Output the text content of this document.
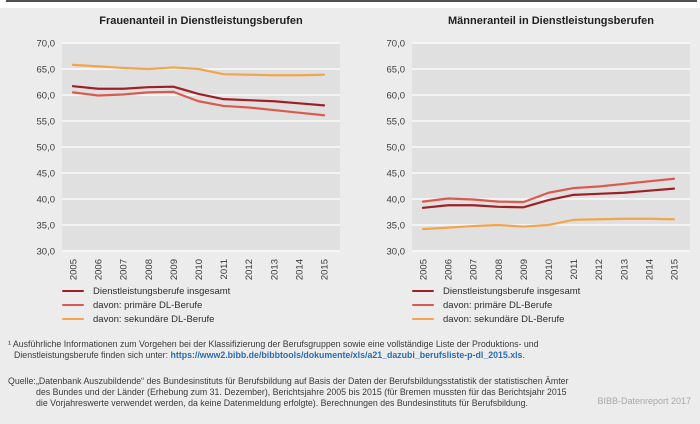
Frauenanteil in Dienstleistungsberufen	Männeranteil in Dienstleistungsberufen
30,0
35,0
40,0
45,0
50,0
55,0
60,0
65,0
70,0
2005 2006 2007 2008 2009 2010 2011 2012 2013 2014 2015
30,0
35,0
40,0
45,0
50,0
55,0
60,0
65,0
70,0
2005 2006 2007 2008 2009 2010 2011 2012 2013 2014 2015
Dienstleistungsberufe insgesamt
davon: primäre DL-Berufe
davon: sekundäre DL-Berufe
Dienstleistungsberufe insgesamt
davon: primäre DL-Berufe
davon: sekundäre DL-Berufe
¹ Ausführliche Informationen zum Vorgehen bei der Klassifizierung der Berufsgruppen sowie eine vollständige Liste der Produktions- und
Dienstleistungsberufe finden sich unter: https://www2.bibb.de/bibbtools/dokumente/xls/a21_dazubi_berufsliste-p-dl_2015.xls.
Quelle: „Datenbank Auszubildende“ des Bundesinstituts für Berufsbildung auf Basis der Daten der Berufsbildungsstatistik der statistischen Ämter
des Bundes und der Länder (Erhebung zum 31. Dezember), Berichtsjahre 2005 bis 2015 (für Bremen mussten für das Berichtsjahr 2015
die Vorjahreswerte verwendet werden, da keine Datenmeldung erfolgte). Berechnungen des Bundesinstituts für Berufsbildung.	BIBB-Datenreport 2017
